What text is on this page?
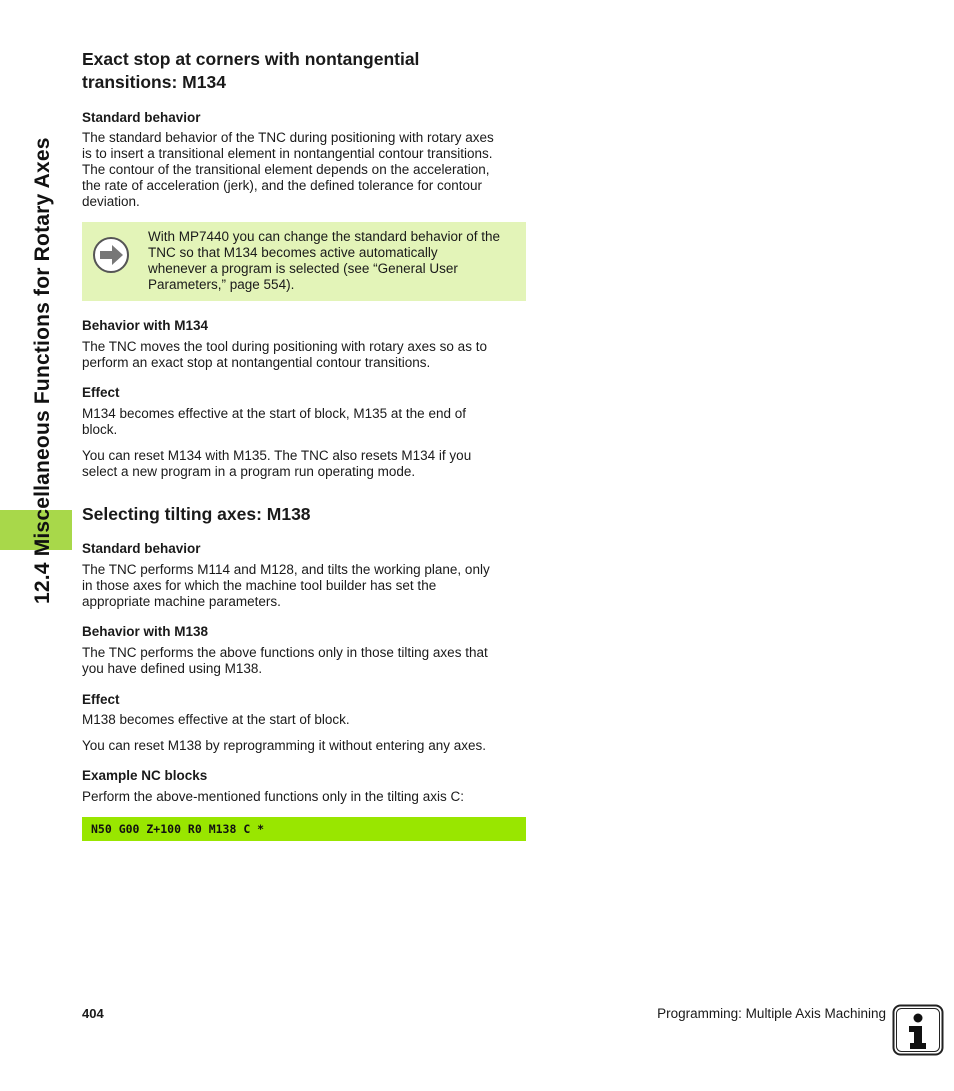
12.4 Miscellaneous Functions for Rotary Axes
Exact stop at corners with nontangential
transitions: M134
Standard behavior
The standard behavior of the TNC during positioning with rotary axes
is to insert a transitional element in nontangential contour transitions.
The contour of the transitional element depends on the acceleration,
the rate of acceleration (jerk), and the defined tolerance for contour
deviation.
With MP7440 you can change the standard behavior of the
TNC so that M134 becomes active automatically
whenever a program is selected (see “General User
Parameters,” page 554).
Behavior with M134
The TNC moves the tool during positioning with rotary axes so as to
perform an exact stop at nontangential contour transitions.
Effect
M134 becomes effective at the start of block, M135 at the end of
block.
You can reset M134 with M135. The TNC also resets M134 if you
select a new program in a program run operating mode.
Selecting tilting axes: M138
Standard behavior
The TNC performs M114 and M128, and tilts the working plane, only
in those axes for which the machine tool builder has set the
appropriate machine parameters.
Behavior with M138
The TNC performs the above functions only in those tilting axes that
you have defined using M138.
Effect
M138 becomes effective at the start of block.
You can reset M138 by reprogramming it without entering any axes.
Example NC blocks
Perform the above-mentioned functions only in the tilting axis C:
N50 G00 Z+100 R0 M138 C *
404	Programming: Multiple Axis Machining
